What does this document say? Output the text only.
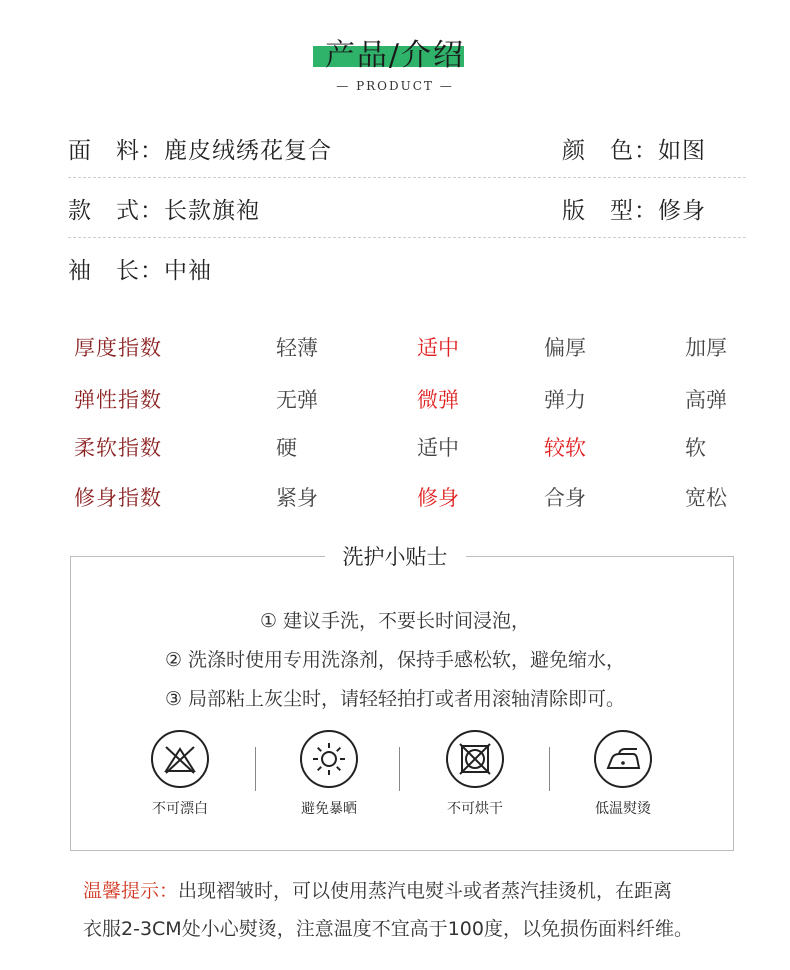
产品/介绍
— PRODUCT —
面　料：鹿皮绒绣花复合	颜　色：如图
款　式：长款旗袍	版　型：修身
袖　长：中袖
厚度指数	轻薄	适中	偏厚	加厚
弹性指数	无弹	微弹	弹力	高弹
柔软指数	硬	适中	较软	软
修身指数	紧身	修身	合身	宽松
洗护小贴士
① 建议手洗，不要长时间浸泡，
② 洗涤时使用专用洗涤剂，保持手感松软，避免缩水，
③ 局部粘上灰尘时，请轻轻拍打或者用滚轴清除即可。
不可漂白	避免暴晒	不可烘干	低温熨烫
温馨提示：出现褶皱时，可以使用蒸汽电熨斗或者蒸汽挂烫机，在距离
衣服2-3CM处小心熨烫，注意温度不宜高于100度，以免损伤面料纤维。
